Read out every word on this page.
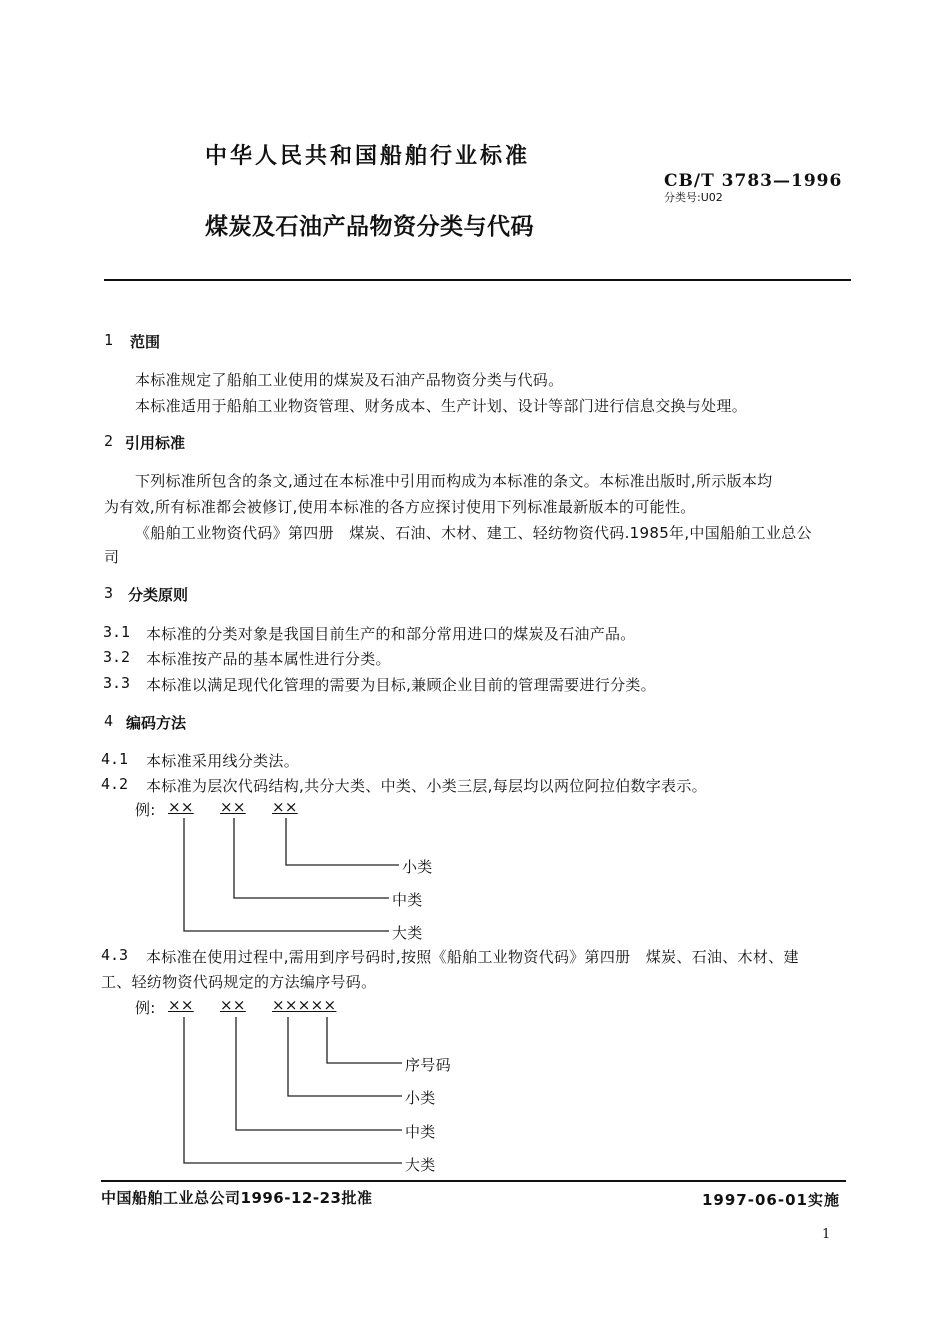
中华人民共和国船舶行业标准
CB/T 3783—1996
分类号:U02
煤炭及石油产品物资分类与代码
1 范围
本标准规定了船舶工业使用的煤炭及石油产品物资分类与代码。
本标准适用于船舶工业物资管理、财务成本、生产计划、设计等部门进行信息交换与处理。
2 引用标准
下列标准所包含的条文,通过在本标准中引用而构成为本标准的条文。本标准出版时,所示版本均
为有效,所有标准都会被修订,使用本标准的各方应探讨使用下列标准最新版本的可能性。
《船舶工业物资代码》第四册　煤炭、石油、木材、建工、轻纺物资代码.1985年,中国船舶工业总公
司
3 分类原则
3.1 本标准的分类对象是我国目前生产的和部分常用进口的煤炭及石油产品。
3.2 本标准按产品的基本属性进行分类。
3.3 本标准以满足现代化管理的需要为目标,兼顾企业目前的管理需要进行分类。
4 编码方法
4.1 本标准采用线分类法。
4.2 本标准为层次代码结构,共分大类、中类、小类三层,每层均以两位阿拉伯数字表示。
例: ×× ×× ××
小类
中类
大类
4.3 本标准在使用过程中,需用到序号码时,按照《船舶工业物资代码》第四册　煤炭、石油、木材、建
工、轻纺物资代码规定的方法编序号码。
例: ×× ×× ×××××
序号码
小类
中类
大类
中国船舶工业总公司1996-12-23批准	1997-06-01实施
1
